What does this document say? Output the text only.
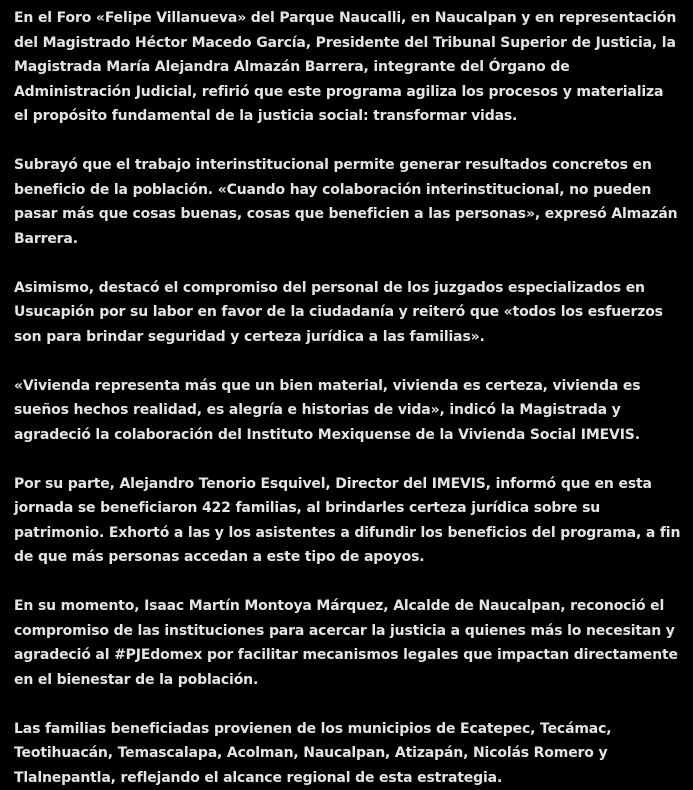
En el Foro «Felipe Villanueva» del Parque Naucalli, en Naucalpan y en representación del Magistrado Héctor Macedo García, Presidente del Tribunal Superior de Justicia, la Magistrada María Alejandra Almazán Barrera, integrante del Órgano de Administración Judicial, refirió que este programa agiliza los procesos y materializa el propósito fundamental de la justicia social: transformar vidas.

Subrayó que el trabajo interinstitucional permite generar resultados concretos en beneficio de la población. «Cuando hay colaboración interinstitucional, no pueden pasar más que cosas buenas, cosas que beneficien a las personas», expresó Almazán Barrera.

Asimismo, destacó el compromiso del personal de los juzgados especializados en Usucapión por su labor en favor de la ciudadanía y reiteró que «todos los esfuerzos son para brindar seguridad y certeza jurídica a las familias».

«Vivienda representa más que un bien material, vivienda es certeza, vivienda es sueños hechos realidad, es alegría e historias de vida», indicó la Magistrada y agradeció la colaboración del Instituto Mexiquense de la Vivienda Social IMEVIS.

Por su parte, Alejandro Tenorio Esquivel, Director del IMEVIS, informó que en esta jornada se beneficiaron 422 familias, al brindarles certeza jurídica sobre su patrimonio. Exhortó a las y los asistentes a difundir los beneficios del programa, a fin de que más personas accedan a este tipo de apoyos.

En su momento, Isaac Martín Montoya Márquez, Alcalde de Naucalpan, reconoció el compromiso de las instituciones para acercar la justicia a quienes más lo necesitan y agradeció al #PJEdomex por facilitar mecanismos legales que impactan directamente en el bienestar de la población.

Las familias beneficiadas provienen de los municipios de Ecatepec, Tecámac, Teotihuacán, Temascalapa, Acolman, Naucalpan, Atizapán, Nicolás Romero y Tlalnepantla, reflejando el alcance regional de esta estrategia.
